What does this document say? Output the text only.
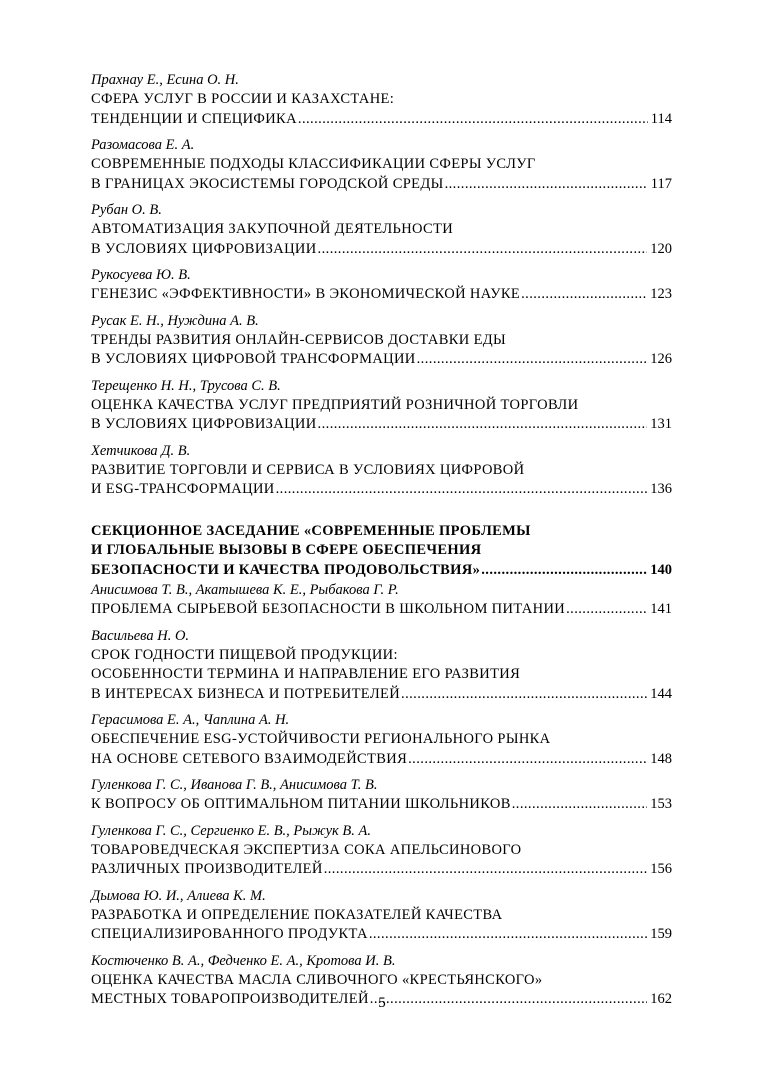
Прахнау Е., Есина О. Н.
СФЕРА УСЛУГ В РОССИИ И КАЗАХСТАНЕ:
ТЕНДЕНЦИИ И СПЕЦИФИКА . . .	114
Разомасова Е. А.
СОВРЕМЕННЫЕ ПОДХОДЫ КЛАССИФИКАЦИИ СФЕРЫ УСЛУГ
В ГРАНИЦАХ ЭКОСИСТЕМЫ ГОРОДСКОЙ СРЕДЫ . . .	117
Рубан О. В.
АВТОМАТИЗАЦИЯ ЗАКУПОЧНОЙ ДЕЯТЕЛЬНОСТИ
В УСЛОВИЯХ ЦИФРОВИЗАЦИИ . . .	120
Рукосуева Ю. В.
ГЕНЕЗИС «ЭФФЕКТИВНОСТИ» В ЭКОНОМИЧЕСКОЙ НАУКЕ . . .	123
Русак Е. Н., Нуждина А. В.
ТРЕНДЫ РАЗВИТИЯ ОНЛАЙН-СЕРВИСОВ ДОСТАВКИ ЕДЫ
В УСЛОВИЯХ ЦИФРОВОЙ ТРАНСФОРМАЦИИ . . .	126
Терещенко Н. Н., Трусова С. В.
ОЦЕНКА КАЧЕСТВА УСЛУГ ПРЕДПРИЯТИЙ РОЗНИЧНОЙ ТОРГОВЛИ
В УСЛОВИЯХ ЦИФРОВИЗАЦИИ . . .	131
Хетчикова Д. В.
РАЗВИТИЕ ТОРГОВЛИ И СЕРВИСА В УСЛОВИЯХ ЦИФРОВОЙ
И ESG-ТРАНСФОРМАЦИИ . . .	136
СЕКЦИОННОЕ ЗАСЕДАНИЕ «СОВРЕМЕННЫЕ ПРОБЛЕМЫ
И ГЛОБАЛЬНЫЕ ВЫЗОВЫ В СФЕРЕ ОБЕСПЕЧЕНИЯ
БЕЗОПАСНОСТИ И КАЧЕСТВА ПРОДОВОЛЬСТВИЯ» . . .	140
Анисимова Т. В., Акатышева К. Е., Рыбакова Г. Р.
ПРОБЛЕМА СЫРЬЕВОЙ БЕЗОПАСНОСТИ В ШКОЛЬНОМ ПИТАНИИ . . .	141
Васильева Н. О.
СРОК ГОДНОСТИ ПИЩЕВОЙ ПРОДУКЦИИ:
ОСОБЕННОСТИ ТЕРМИНА И НАПРАВЛЕНИЕ ЕГО РАЗВИТИЯ
В ИНТЕРЕСАХ БИЗНЕСА И ПОТРЕБИТЕЛЕЙ . . .	144
Герасимова Е. А., Чаплина А. Н.
ОБЕСПЕЧЕНИЕ ESG-УСТОЙЧИВОСТИ РЕГИОНАЛЬНОГО РЫНКА
НА ОСНОВЕ СЕТЕВОГО ВЗАИМОДЕЙСТВИЯ . . .	148
Гуленкова Г. С., Иванова Г. В., Анисимова Т. В.
К ВОПРОСУ ОБ ОПТИМАЛЬНОМ ПИТАНИИ ШКОЛЬНИКОВ . . .	153
Гуленкова Г. С., Сергиенко Е. В., Рыжук В. А.
ТОВАРОВЕДЧЕСКАЯ ЭКСПЕРТИЗА СОКА АПЕЛЬСИНОВОГО
РАЗЛИЧНЫХ ПРОИЗВОДИТЕЛЕЙ . . .	156
Дымова Ю. И., Алиева К. М.
РАЗРАБОТКА И ОПРЕДЕЛЕНИЕ ПОКАЗАТЕЛЕЙ КАЧЕСТВА
СПЕЦИАЛИЗИРОВАННОГО ПРОДУКТА . . .	159
Костюченко В. А., Федченко Е. А., Кротова И. В.
ОЦЕНКА КАЧЕСТВА МАСЛА СЛИВОЧНОГО «КРЕСТЬЯНСКОГО»
МЕСТНЫХ ТОВАРОПРОИЗВОДИТЕЛЕЙ . . .	162
5
